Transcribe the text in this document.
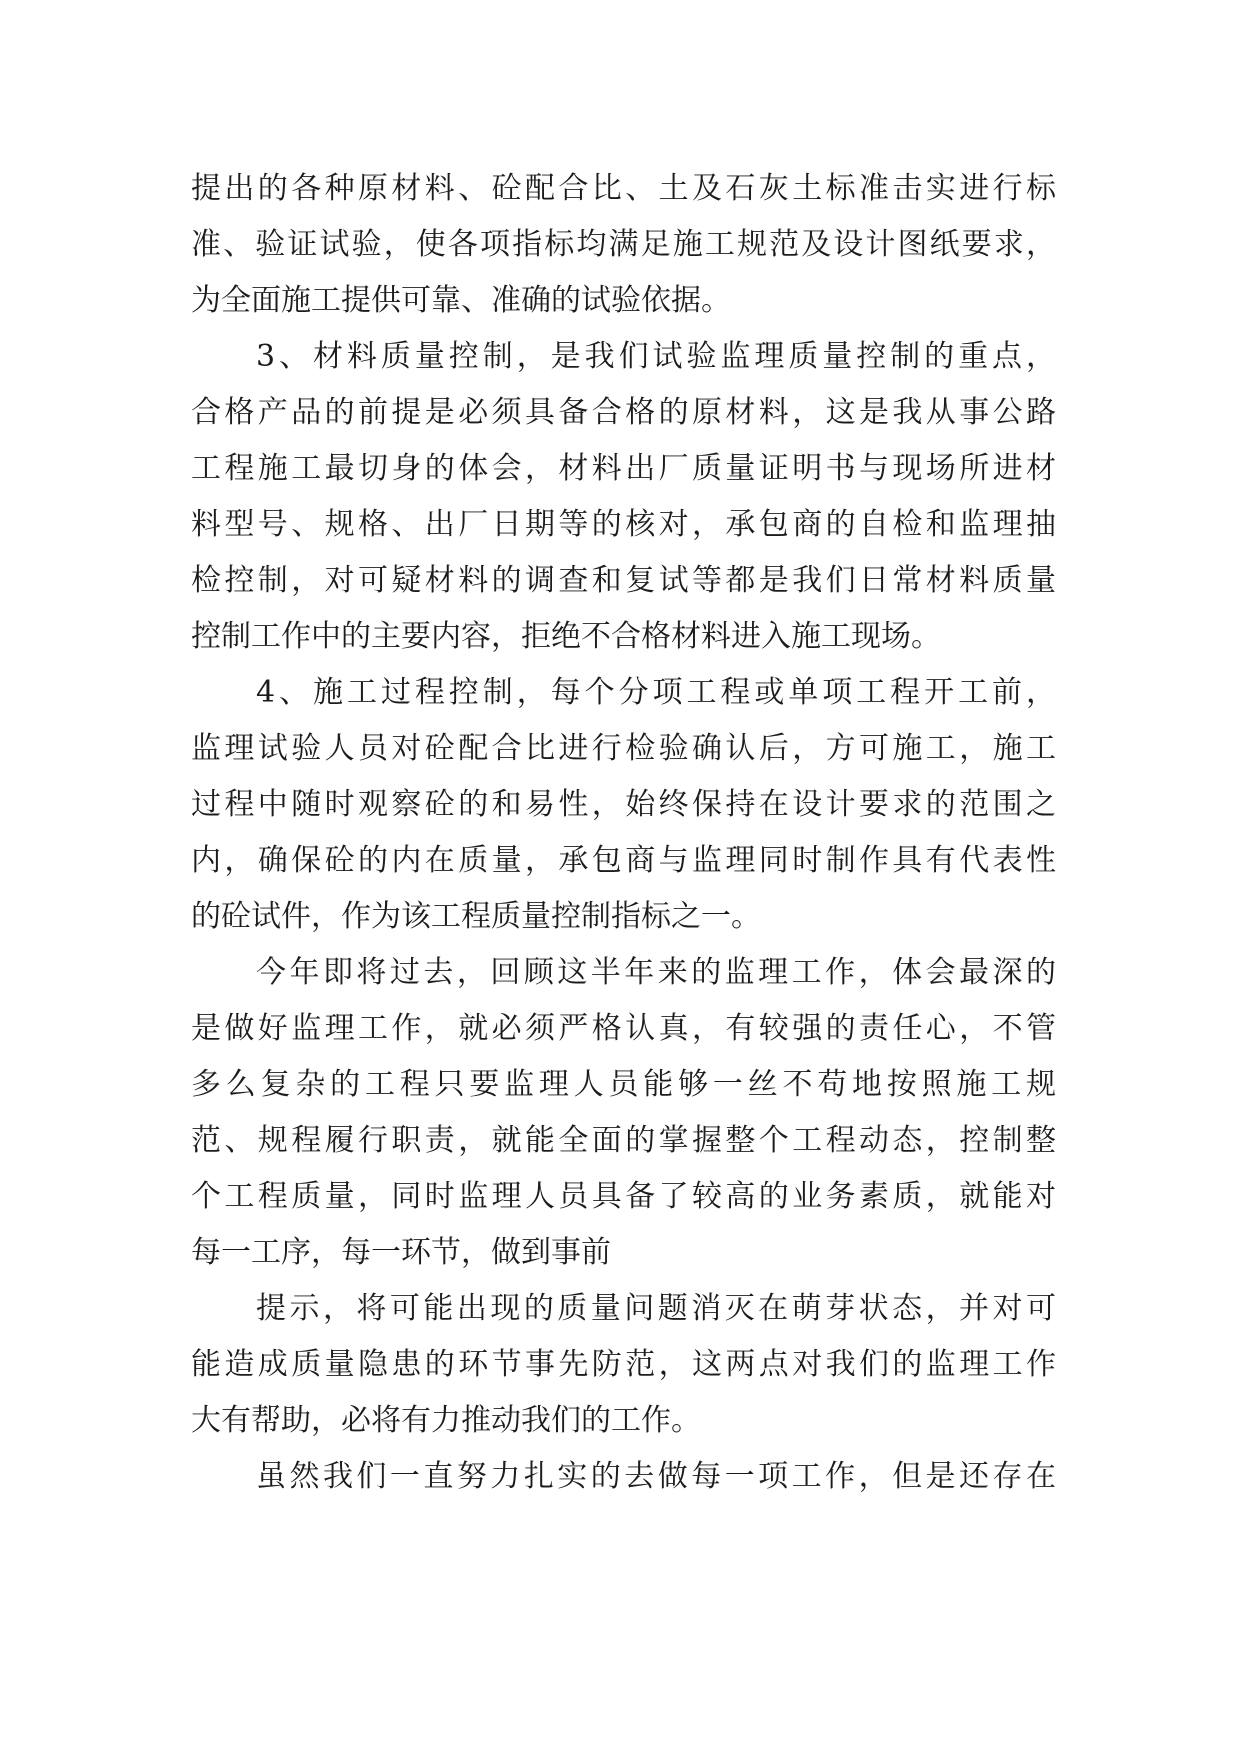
提出的各种原材料、砼配合比、土及石灰土标准击实进行标
准、验证试验，使各项指标均满足施工规范及设计图纸要求，
为全面施工提供可靠、准确的试验依据。
3、材料质量控制，是我们试验监理质量控制的重点，
合格产品的前提是必须具备合格的原材料，这是我从事公路
工程施工最切身的体会，材料出厂质量证明书与现场所进材
料型号、规格、出厂日期等的核对，承包商的自检和监理抽
检控制，对可疑材料的调查和复试等都是我们日常材料质量
控制工作中的主要内容，拒绝不合格材料进入施工现场。
4、施工过程控制，每个分项工程或单项工程开工前，
监理试验人员对砼配合比进行检验确认后，方可施工，施工
过程中随时观察砼的和易性，始终保持在设计要求的范围之
内，确保砼的内在质量，承包商与监理同时制作具有代表性
的砼试件，作为该工程质量控制指标之一。
今年即将过去，回顾这半年来的监理工作，体会最深的
是做好监理工作，就必须严格认真，有较强的责任心，不管
多么复杂的工程只要监理人员能够一丝不苟地按照施工规
范、规程履行职责，就能全面的掌握整个工程动态，控制整
个工程质量，同时监理人员具备了较高的业务素质，就能对
每一工序，每一环节，做到事前
提示，将可能出现的质量问题消灭在萌芽状态，并对可
能造成质量隐患的环节事先防范，这两点对我们的监理工作
大有帮助，必将有力推动我们的工作。
虽然我们一直努力扎实的去做每一项工作，但是还存在
